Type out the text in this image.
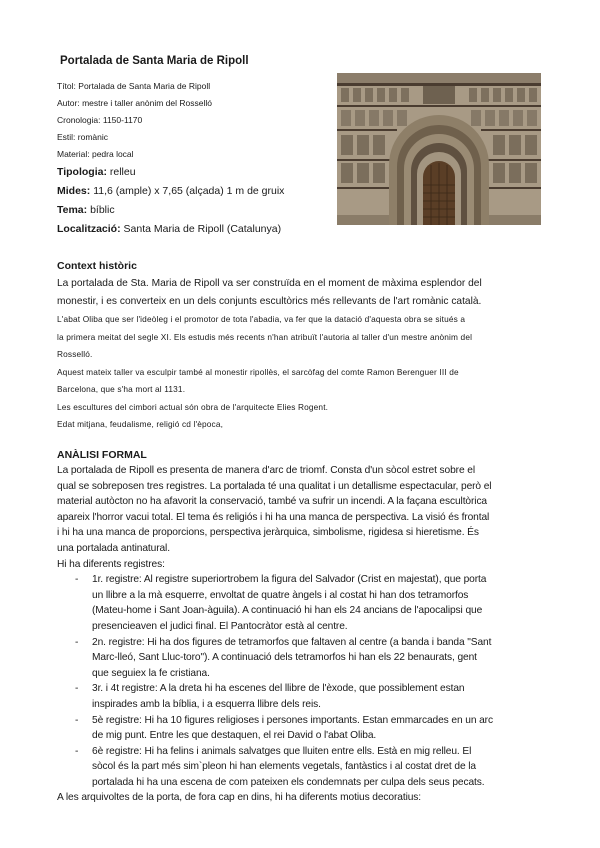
Portalada de Santa Maria de Ripoll
Títol: Portalada de Santa Maria de Ripoll
Autor: mestre i taller anònim del Rosselló
Cronologia: 1150-1170
Estil: romànic
Material: pedra local
Tipologia: relleu
Mides: 11,6 (ample) x 7,65 (alçada) 1 m de gruix
Tema: bíblic
Localització: Santa Maria de Ripoll (Catalunya)
Context històric
La portalada de Sta. Maria de Ripoll va ser construïda en el moment de màxima esplendor del
monestir, i es converteix en un dels conjunts escultòrics més rellevants de l'art romànic català.
L'abat Oliba que ser l'ideòleg i el promotor de tota l'abadia, va fer que la datació d'aquesta obra se situés a
la primera meitat del segle XI. Els estudis més recents n'han atribuït l'autoria al taller d'un mestre anònim del
Rosselló.
Aquest mateix taller va esculpir també al monestir ripollès, el sarcòfag del comte Ramon Berenguer III de
Barcelona, que s'ha mort al 1131.
Les escultures del cimbori actual són obra de l'arquitecte Elies Rogent.
Edat mitjana, feudalisme, religió cd l'època,
ANÀLISI FORMAL
La portalada de Ripoll es presenta de manera d'arc de triomf. Consta d'un sòcol estret sobre el
qual se sobreposen tres registres. La portalada té una qualitat i un detallisme espectacular, però el
material autòcton no ha afavorit la conservació, també va sufrir un incendi. A la façana escultòrica
apareix l'horror vacui total. El tema és religiós i hi ha una manca de perspectiva. La visió és frontal
i hi ha una manca de proporcions, perspectiva jeràrquica, simbolisme, rigidesa si hieretisme. És
una portalada antinatural.
Hi ha diferents registres:
- 1r. registre: Al registre superiortrobem la figura del Salvador (Crist en majestat), que porta
un llibre a la mà esquerre, envoltat de quatre àngels i al costat hi han dos tetramorfos
(Mateu-home i Sant Joan-àguila). A continuació hi han els 24 ancians de l'apocalipsi que
presencieaven el judici final. El Pantocràtor està al centre.
- 2n. registre: Hi ha dos figures de tetramorfos que faltaven al centre (a banda i banda "Sant
Marc-lleó, Sant Lluc-toro"). A continuació dels tetramorfos hi han els 22 benaurats, gent
que seguiex la fe cristiana.
- 3r. i 4t registre: A la dreta hi ha escenes del llibre de l'èxode, que possiblement estan
inspirades amb la bíblia, i a esquerra llibre dels reis.
- 5è registre: Hi ha 10 figures religioses i persones importants. Estan emmarcades en un arc
de mig punt. Entre les que destaquen, el rei David o l'abat Oliba.
- 6è registre: Hi ha felins i animals salvatges que lluiten entre ells. Està en mig relleu. El
sòcol és la part més sim`pleon hi han elements vegetals, fantàstics i al costat dret de la
portalada hi ha una escena de com pateixen els condemnats per culpa dels seus pecats.
A les arquivoltes de la porta, de fora cap en dins, hi ha diferents motius decoratius:
